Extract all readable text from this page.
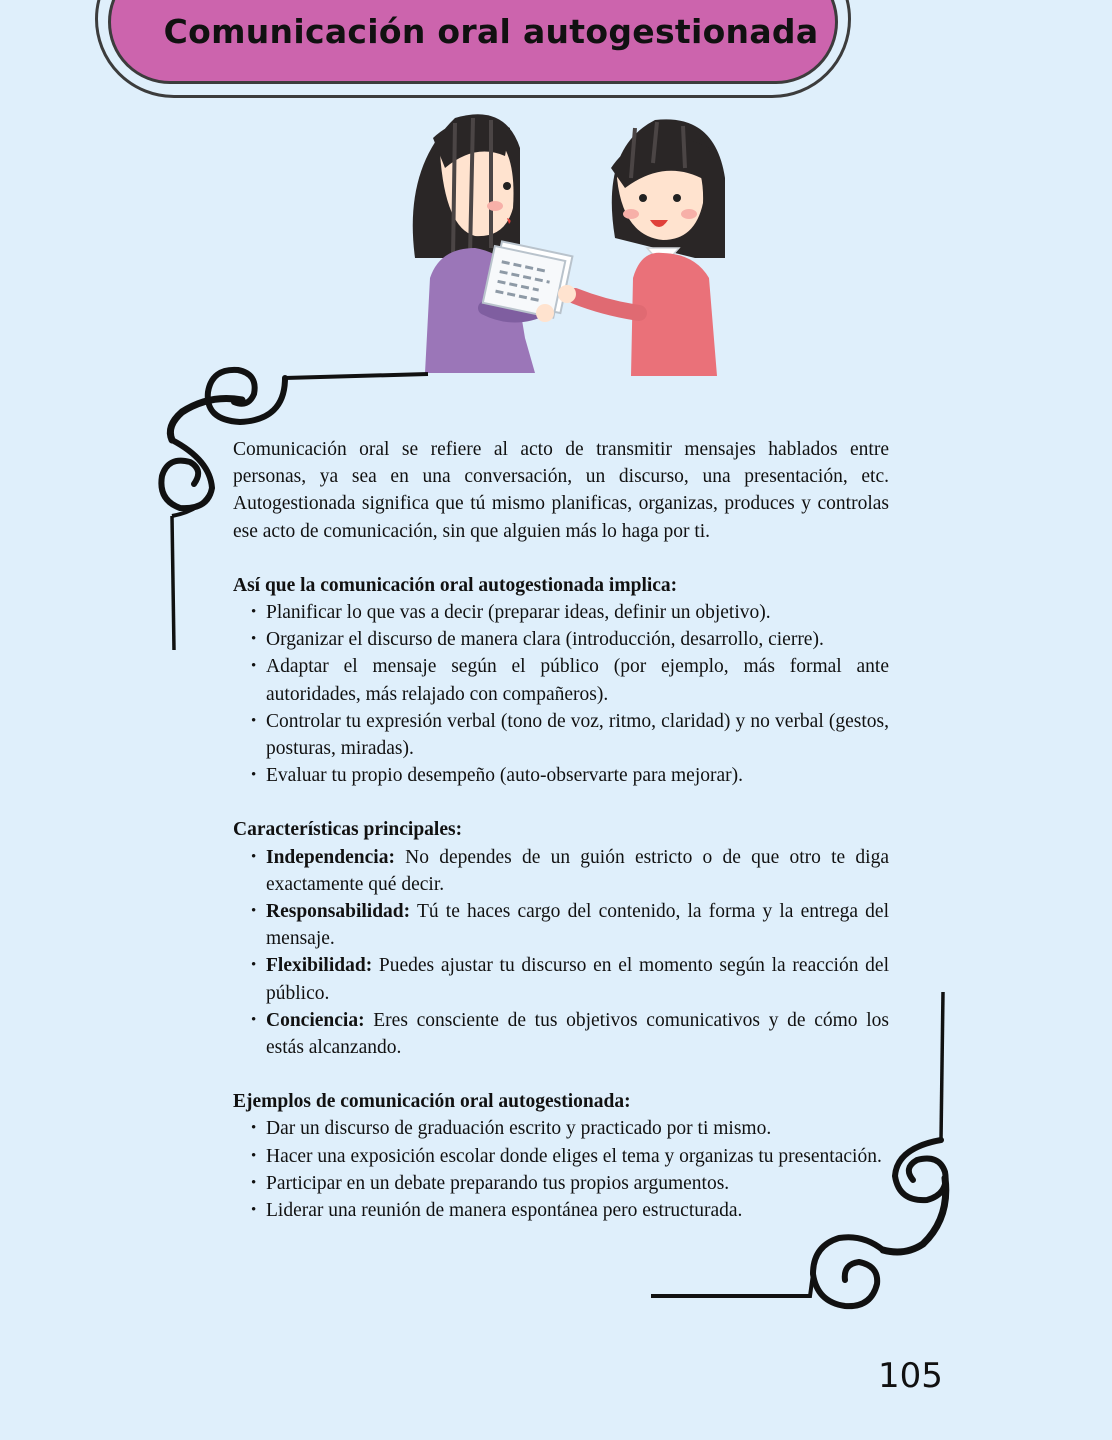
Comunicación oral autogestionada

Comunicación oral se refiere al acto de transmitir mensajes hablados entre personas, ya sea en una conversación, un discurso, una presentación, etc. Autogestionada significa que tú mismo planificas, organizas, produces y controlas ese acto de comunicación, sin que alguien más lo haga por ti.

Así que la comunicación oral autogestionada implica:

• Planificar lo que vas a decir (preparar ideas, definir un objetivo).
• Organizar el discurso de manera clara (introducción, desarrollo, cierre).
• Adaptar el mensaje según el público (por ejemplo, más formal ante autoridades, más relajado con compañeros).
• Controlar tu expresión verbal (tono de voz, ritmo, claridad) y no verbal (gestos, posturas, miradas).
• Evaluar tu propio desempeño (auto-observarte para mejorar).

Características principales:

• Independencia: No dependes de un guión estricto o de que otro te diga exactamente qué decir.
• Responsabilidad: Tú te haces cargo del contenido, la forma y la entrega del mensaje.
• Flexibilidad: Puedes ajustar tu discurso en el momento según la reacción del público.
• Conciencia: Eres consciente de tus objetivos comunicativos y de cómo los estás alcanzando.

Ejemplos de comunicación oral autogestionada:

• Dar un discurso de graduación escrito y practicado por ti mismo.
• Hacer una exposición escolar donde eliges el tema y organizas tu presentación.
• Participar en un debate preparando tus propios argumentos.
• Liderar una reunión de manera espontánea pero estructurada.
105
